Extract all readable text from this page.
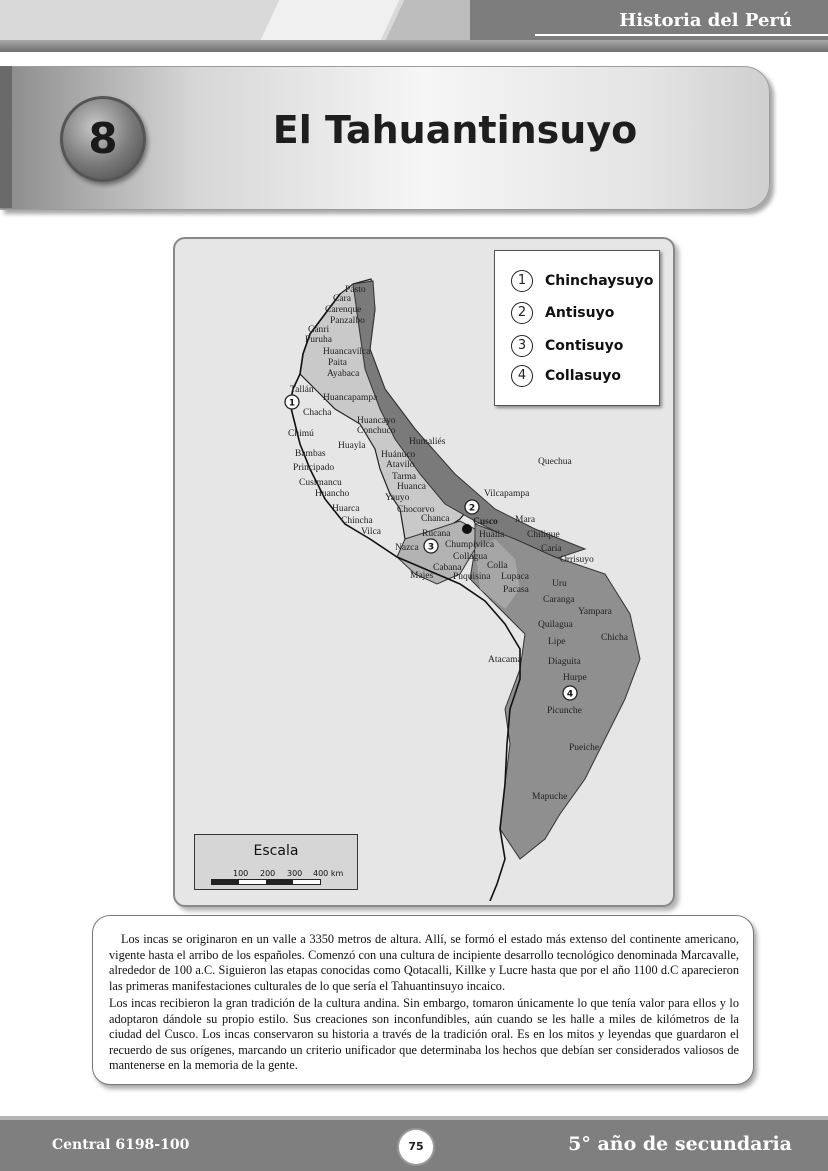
Historia del Perú
8	El Tahuantinsuyo
1
2
3
4
Pasto
Cara
Carenque
Panzalbo
Canri
Puruha
Huancavilca
Paita
Ayabaca
Tallán
Huancapampa
Chacha
Chimú
Huancayo
Conchuco
Humaliés
Huayla
Bambas
Principado
Huánuco
Atavilo
Tarma
Huanca
Cusimancu
Huancho	Yauyo
Chocorvo
Huarca
Chincha
Vilca
Chanca
Rucana
Nazca	Chumpivilca
Collagua
Cabana
Majes Puquisina
Cusco
Hualla
Vilcapampa
Mara
Chilique
Caria
Orrisuyo
Colla
Lupaca
Pacasa
Uru
Caranga
Yampara
Quilagua
Chicha
Lipe
Atacama	Diaguita
Hurpe
Picunche
Pueiche
Mapuche
Quechua
1	Chinchaysuyo
2	Antisuyo
3	Contisuyo
4	Collasuyo
Escala
100 200 300 400 km

Los incas se originaron en un valle a 3350 metros de altura. Allí, se formó el estado más extenso del continente americano, vigente hasta el arribo de los españoles. Comenzó con una cultura de incipiente desarrollo tecnológico denominada Marcavalle, alrededor de 100 a.C. Siguieron las etapas conocidas como Qotacalli, Killke y Lucre hasta que por el año 1100 d.C aparecieron las primeras manifestaciones culturales de lo que sería el Tahuantinsuyo incaico.

Los incas recibieron la gran tradición de la cultura andina. Sin embargo, tomaron únicamente lo que tenía valor para ellos y lo adoptaron dándole su propio estilo. Sus creaciones son inconfundibles, aún cuando se les halle a miles de kilómetros de la ciudad del Cusco. Los incas conservaron su historia a través de la tradición oral. Es en los mitos y leyendas que guardaron el recuerdo de sus orígenes, marcando un criterio unificador que determinaba los hechos que debían ser considerados valiosos de mantenerse en la memoria de la gente.

Central 6198-100	75	5° año de secundaria
